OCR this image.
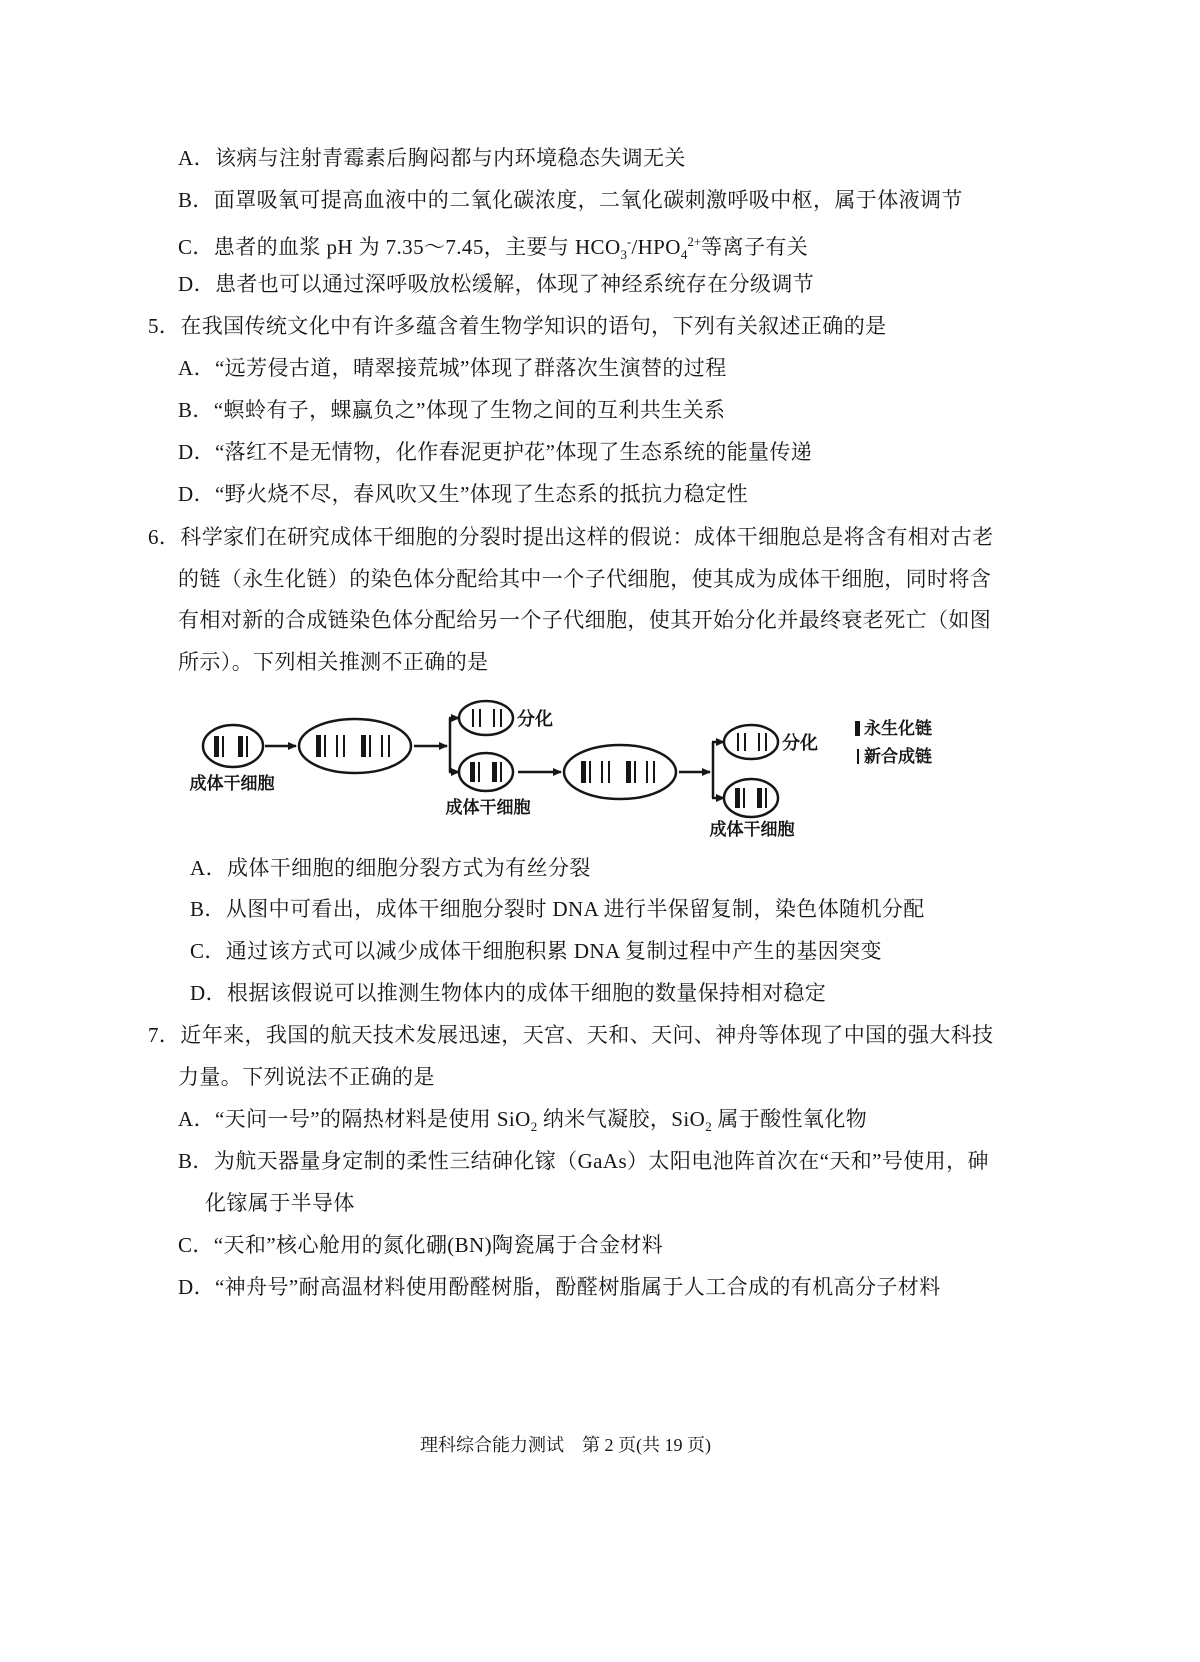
A．该病与注射青霉素后胸闷都与内环境稳态失调无关
B．面罩吸氧可提高血液中的二氧化碳浓度，二氧化碳刺激呼吸中枢，属于体液调节
C．患者的血浆 pH 为 7.35～7.45，主要与 $HCO_3^-/HPO_4^{2+}$等离子有关
D．患者也可以通过深呼吸放松缓解，体现了神经系统存在分级调节
5．在我国传统文化中有许多蕴含着生物学知识的语句，下列有关叙述正确的是
A．“远芳侵古道，晴翠接荒城”体现了群落次生演替的过程
B．“螟蛉有子，蜾蠃负之”体现了生物之间的互利共生关系
D．“落红不是无情物，化作春泥更护花”体现了生态系统的能量传递
D．“野火烧不尽，春风吹又生”体现了生态系的抵抗力稳定性
6．科学家们在研究成体干细胞的分裂时提出这样的假说：成体干细胞总是将含有相对古老
的链（永生化链）的染色体分配给其中一个子代细胞，使其成为成体干细胞，同时将含
有相对新的合成链染色体分配给另一个子代细胞，使其开始分化并最终衰老死亡（如图
所示）。下列相关推测不正确的是
成体干细胞
分化
成体干细胞
分化
成体干细胞
永生化链
新合成链
A．成体干细胞的细胞分裂方式为有丝分裂
B．从图中可看出，成体干细胞分裂时 DNA 进行半保留复制，染色体随机分配
C．通过该方式可以减少成体干细胞积累 DNA 复制过程中产生的基因突变
D．根据该假说可以推测生物体内的成体干细胞的数量保持相对稳定
7．近年来，我国的航天技术发展迅速，天宫、天和、天问、神舟等体现了中国的强大科技
力量。下列说法不正确的是
A．“天问一号”的隔热材料是使用 SiO$_2$ 纳米气凝胶，SiO$_2$ 属于酸性氧化物
B．为航天器量身定制的柔性三结砷化镓（GaAs）太阳电池阵首次在“天和”号使用，砷
化镓属于半导体
C．“天和”核心舱用的氮化硼(BN)陶瓷属于合金材料
D．“神舟号”耐高温材料使用酚醛树脂，酚醛树脂属于人工合成的有机高分子材料
理科综合能力测试 第 2 页(共 19 页)
